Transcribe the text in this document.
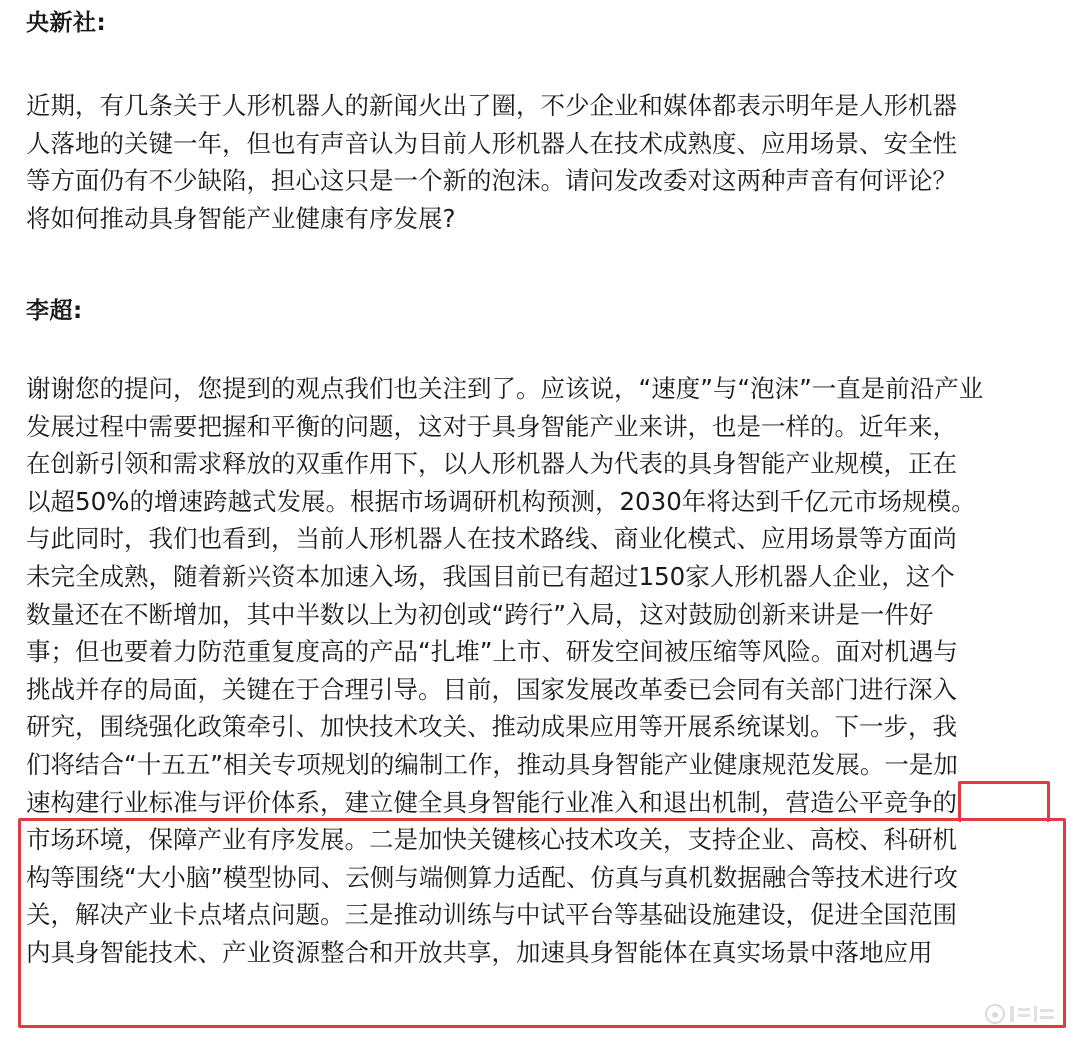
央新社:
近期，有几条关于人形机器人的新闻火出了圈，不少企业和媒体都表示明年是人形机器
人落地的关键一年，但也有声音认为目前人形机器人在技术成熟度、应用场景、安全性
等方面仍有不少缺陷，担心这只是一个新的泡沫。请问发改委对这两种声音有何评论？
将如何推动具身智能产业健康有序发展?
李超:
谢谢您的提问，您提到的观点我们也关注到了。应该说，“速度”与“泡沫”一直是前沿产业
发展过程中需要把握和平衡的问题，这对于具身智能产业来讲，也是一样的。近年来，
在创新引领和需求释放的双重作用下，以人形机器人为代表的具身智能产业规模，正在
以超50%的增速跨越式发展。根据市场调研机构预测，2030年将达到千亿元市场规模。
与此同时，我们也看到，当前人形机器人在技术路线、商业化模式、应用场景等方面尚
未完全成熟，随着新兴资本加速入场，我国目前已有超过150家人形机器人企业，这个
数量还在不断增加，其中半数以上为初创或“跨行”入局，这对鼓励创新来讲是一件好
事；但也要着力防范重复度高的产品“扎堆”上市、研发空间被压缩等风险。面对机遇与
挑战并存的局面，关键在于合理引导。目前，国家发展改革委已会同有关部门进行深入
研究，围绕强化政策牵引、加快技术攻关、推动成果应用等开展系统谋划。下一步，我
们将结合“十五五”相关专项规划的编制工作，推动具身智能产业健康规范发展。一是加
速构建行业标准与评价体系，建立健全具身智能行业准入和退出机制，营造公平竞争的
市场环境，保障产业有序发展。二是加快关键核心技术攻关，支持企业、高校、科研机
构等围绕“大小脑”模型协同、云侧与端侧算力适配、仿真与真机数据融合等技术进行攻
关，解决产业卡点堵点问题。三是推动训练与中试平台等基础设施建设，促进全国范围
内具身智能技术、产业资源整合和开放共享，加速具身智能体在真实场景中落地应用
